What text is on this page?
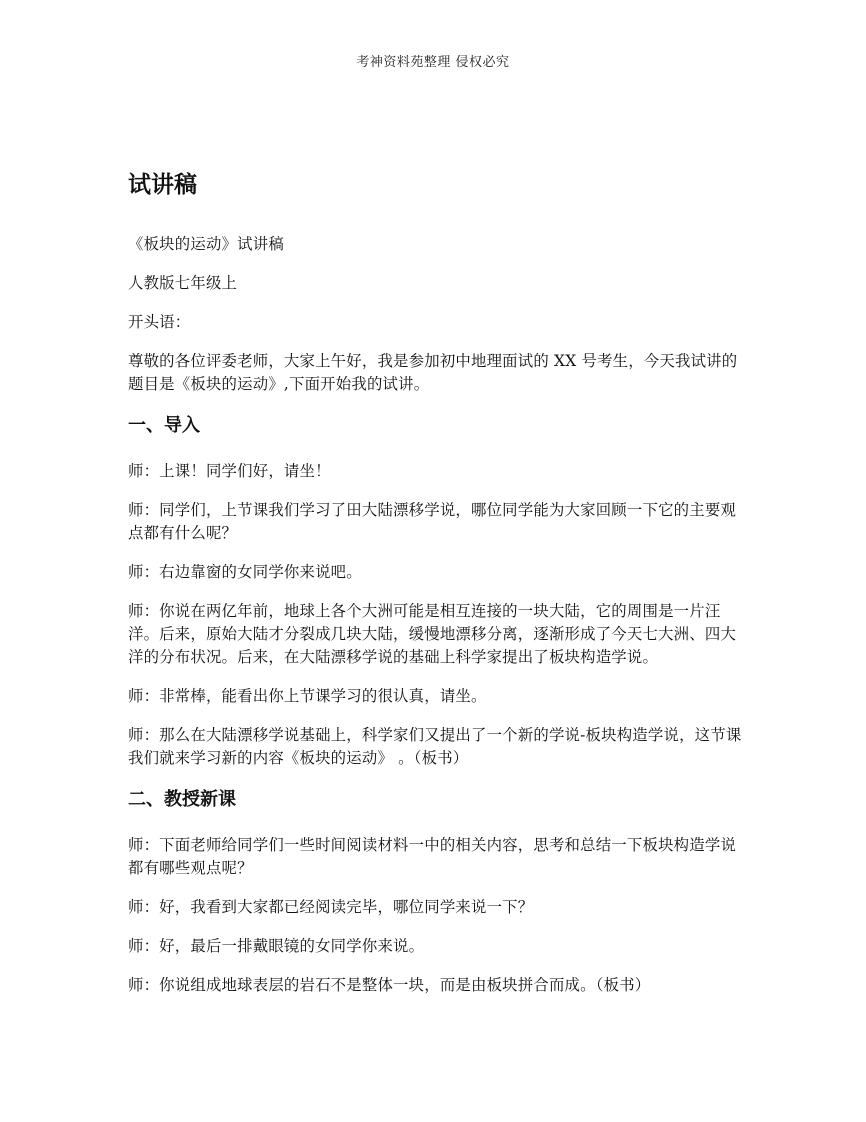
考神资料苑整理 侵权必究
试讲稿

《板块的运动》试讲稿

人教版七年级上

开头语：

尊敬的各位评委老师，大家上午好，我是参加初中地理面试的 XX 号考生，今天我试讲的题目是《板块的运动》,下面开始我的试讲。

一、导入

师：上课！同学们好，请坐！

师：同学们，上节课我们学习了田大陆漂移学说，哪位同学能为大家回顾一下它的主要观点都有什么呢？

师：右边靠窗的女同学你来说吧。

师：你说在两亿年前，地球上各个大洲可能是相互连接的一块大陆，它的周围是一片汪洋。后来，原始大陆才分裂成几块大陆，缓慢地漂移分离，逐渐形成了今天七大洲、四大洋的分布状况。后来，在大陆漂移学说的基础上科学家提出了板块构造学说。

师：非常棒，能看出你上节课学习的很认真，请坐。

师：那么在大陆漂移学说基础上，科学家们又提出了一个新的学说-板块构造学说，这节课我们就来学习新的内容《板块的运动》 。（板书）

二、教授新课

师：下面老师给同学们一些时间阅读材料一中的相关内容，思考和总结一下板块构造学说都有哪些观点呢？

师：好，我看到大家都已经阅读完毕，哪位同学来说一下？

师：好，最后一排戴眼镜的女同学你来说。

师：你说组成地球表层的岩石不是整体一块，而是由板块拼合而成。（板书）
